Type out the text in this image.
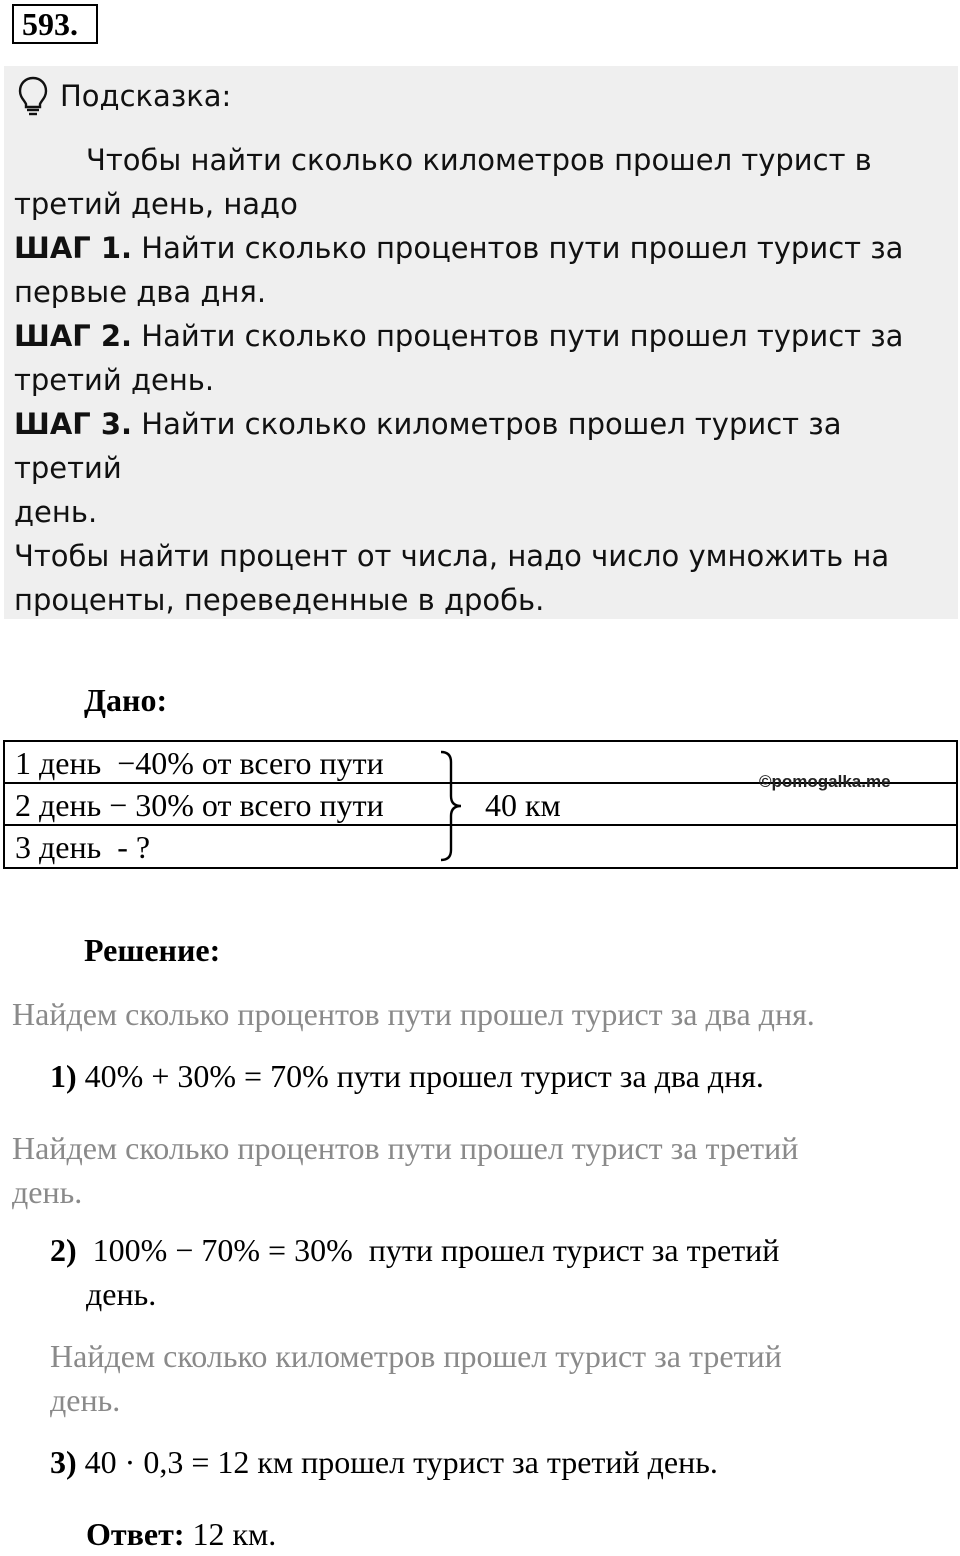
593.
Подсказка:

Чтобы найти сколько километров прошел турист в

третий день, надо

ШАГ 1. Найти сколько процентов пути прошел турист за

первые два дня.

ШАГ 2. Найти сколько процентов пути прошел турист за

третий день.

ШАГ 3. Найти сколько километров прошел турист за третий

день.

Чтобы найти процент от числа, надо число умножить на

проценты, переведенные в дробь.

Дано:
1 день  −40% от всего пути
2 день − 30% от всего пути
3 день  - ?
40 км
©pomogalka.me
Решение:
Найдем сколько процентов пути прошел турист за два дня.
1) 40% + 30% = 70% пути прошел турист за два дня.
Найдем сколько процентов пути прошел турист за третий
день.
2)  100% − 70% = 30%  пути прошел турист за третий
день.
Найдем сколько километров прошел турист за третий
день.
3) 40 · 0,3 = 12 км прошел турист за третий день.
Ответ: 12 км.
